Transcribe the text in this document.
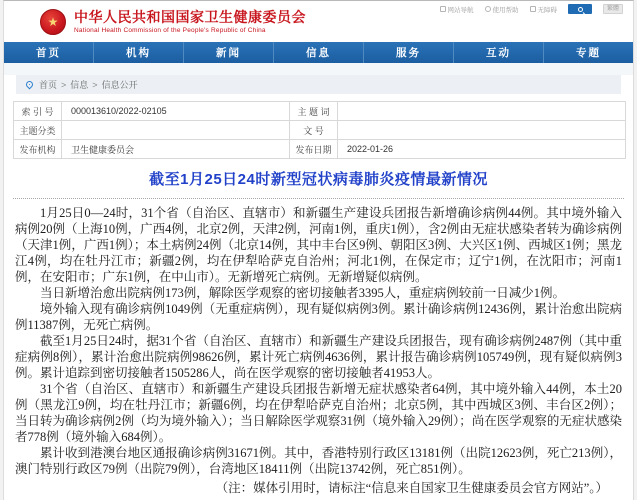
网站导航	使用帮助	无障碍	繁體
★	中华人民共和国国家卫生健康委员会
National Health Commission of the People's Republic of China
首页	机构	新闻	信息	服务	互动	专题
首页 > 信息 > 信息公开
索 引 号	000013610/2022-02105	主 题 词	
主题分类		文 号	
发布机构	卫生健康委员会	发布日期	2022-01-26
截至1月25日24时新型冠状病毒肺炎疫情最新情况

1月25日0—24时，31个省（自治区、直辖市）和新疆生产建设兵团报告新增确诊病例44例。其中境外输入病例20例（上海10例，广西4例，北京2例，天津2例，河南1例，重庆1例），含2例由无症状感染者转为确诊病例（天津1例，广西1例）；本土病例24例（北京14例，其中丰台区9例、朝阳区3例、大兴区1例、西城区1例；黑龙江4例，均在牡丹江市；新疆2例，均在伊犁哈萨克自治州；河北1例，在保定市；辽宁1例，在沈阳市；河南1例，在安阳市；广东1例，在中山市）。无新增死亡病例。无新增疑似病例。

当日新增治愈出院病例173例，解除医学观察的密切接触者3395人，重症病例较前一日减少1例。

境外输入现有确诊病例1049例（无重症病例），现有疑似病例3例。累计确诊病例12436例，累计治愈出院病例11387例，无死亡病例。

截至1月25日24时，据31个省（自治区、直辖市）和新疆生产建设兵团报告，现有确诊病例2487例（其中重症病例8例），累计治愈出院病例98626例，累计死亡病例4636例，累计报告确诊病例105749例，现有疑似病例3例。累计追踪到密切接触者1505286人，尚在医学观察的密切接触者41953人。

31个省（自治区、直辖市）和新疆生产建设兵团报告新增无症状感染者64例，其中境外输入44例，本土20例（黑龙江9例，均在牡丹江市；新疆6例，均在伊犁哈萨克自治州；北京5例，其中西城区3例、丰台区2例）；当日转为确诊病例2例（均为境外输入）；当日解除医学观察31例（境外输入29例）；尚在医学观察的无症状感染者778例（境外输入684例）。

累计收到港澳台地区通报确诊病例31671例。其中，香港特别行政区13181例（出院12623例，死亡213例），澳门特别行政区79例（出院79例），台湾地区18411例（出院13742例，死亡851例）。

（注：媒体引用时，请标注“信息来自国家卫生健康委员会官方网站”。）
